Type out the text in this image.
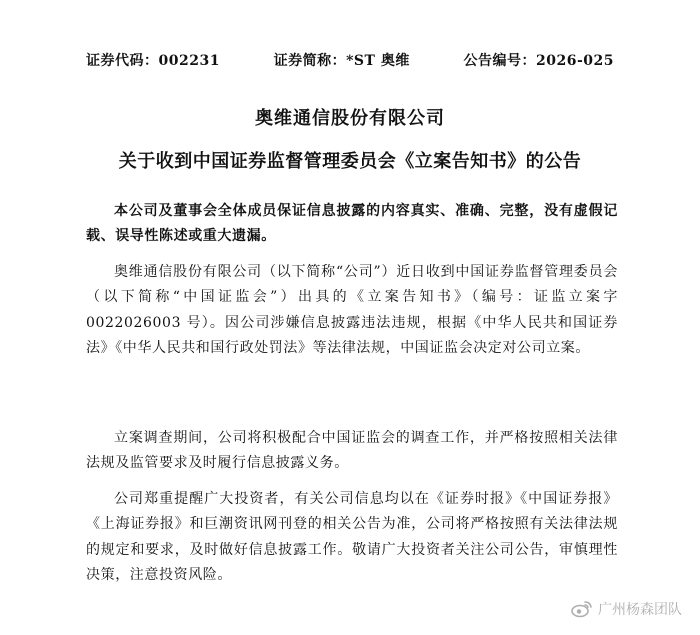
证券代码：002231	证券简称：*ST 奥维	公告编号：2026-025
奥维通信股份有限公司
关于收到中国证券监督管理委员会《立案告知书》的公告

本公司及董事会全体成员保证信息披露的内容真实、准确、完整，没有虚假记载、误导性陈述或重大遗漏。

奥维通信股份有限公司（以下简称“公司”）近日收到中国证券监督管理委员会（以下简称“中国证监会”）出具的《立案告知书》（编号：证监立案字 0022026003 号）。因公司涉嫌信息披露违法违规，根据《中华人民共和国证券法》《中华人民共和国行政处罚法》等法律法规，中国证监会决定对公司立案。

立案调查期间，公司将积极配合中国证监会的调查工作，并严格按照相关法律法规及监管要求及时履行信息披露义务。

公司郑重提醒广大投资者，有关公司信息均以在《证券时报》《中国证券报》《上海证券报》和巨潮资讯网刊登的相关公告为准，公司将严格按照有关法律法规的规定和要求，及时做好信息披露工作。敬请广大投资者关注公司公告，审慎理性决策，注意投资风险。

广州杨森团队
